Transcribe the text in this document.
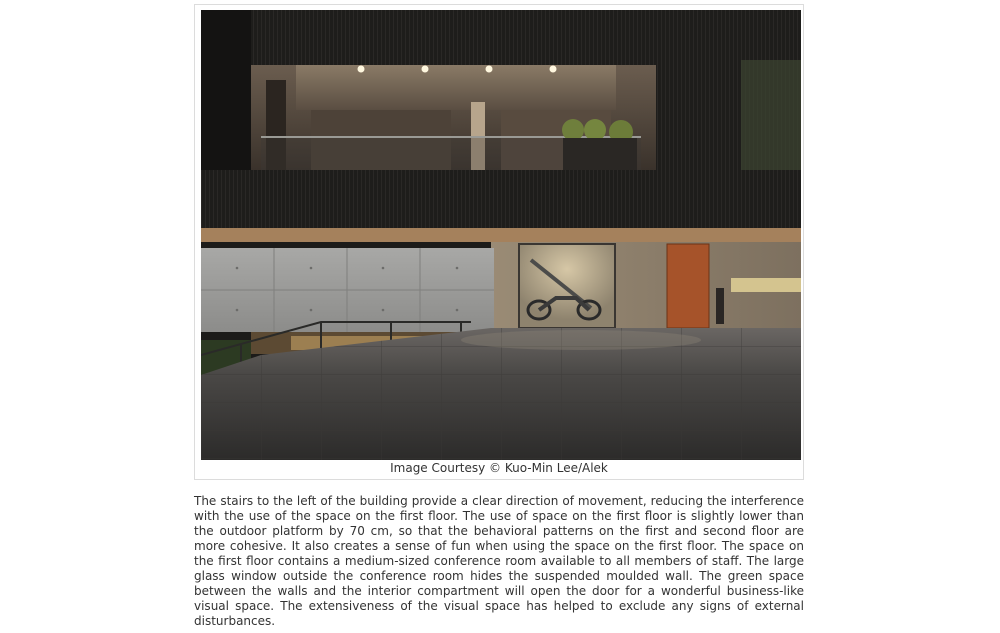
Image Courtesy © Kuo-Min Lee/Alek

The stairs to the left of the building provide a clear direction of movement, reducing the interference with the use of the space on the first floor. The use of space on the first floor is slightly lower than the outdoor platform by 70 cm, so that the behavioral patterns on the first and second floor are more cohesive. It also creates a sense of fun when using the space on the first floor. The space on the first floor contains a medium-sized conference room available to all members of staff. The large glass window outside the conference room hides the suspended moulded wall. The green space between the walls and the interior compartment will open the door for a wonderful business-like visual space. The extensiveness of the visual space has helped to exclude any signs of external disturbances.
